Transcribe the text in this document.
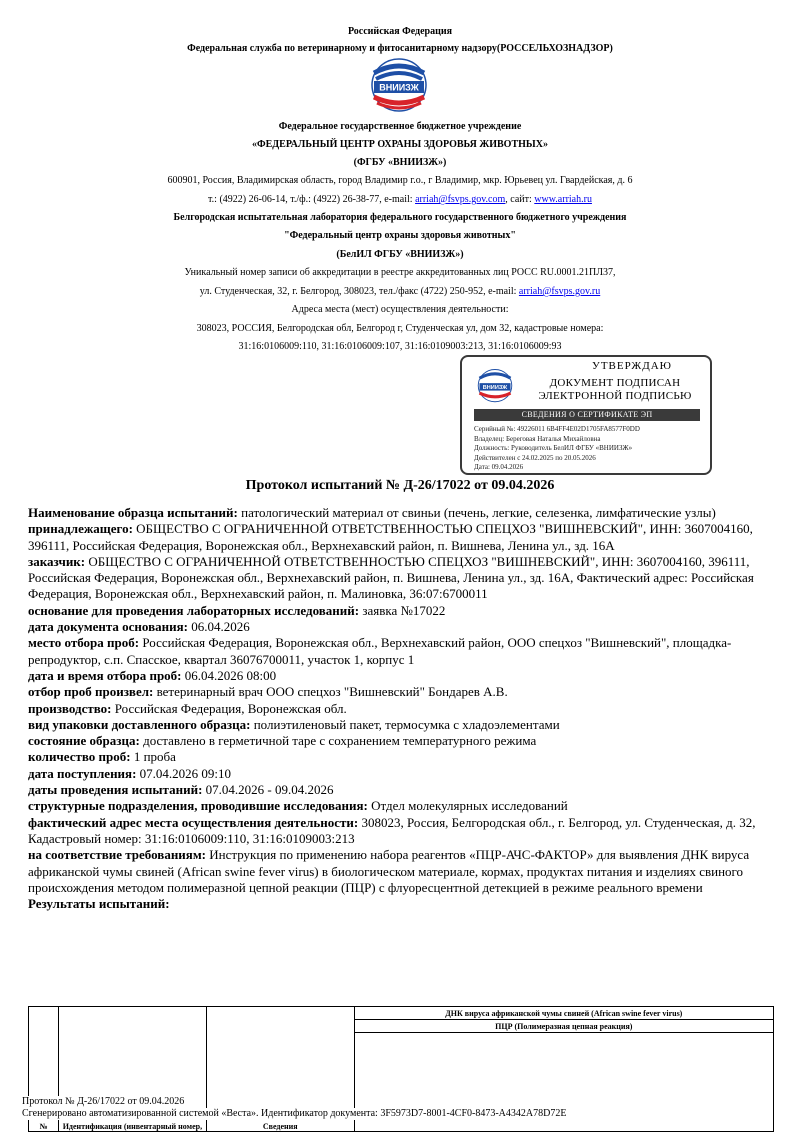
Российская Федерация
Федеральная служба по ветеринарному и фитосанитарному надзору(РОССЕЛЬХОЗНАДЗОР)
ВНИИЗЖ
Федеральное государственное бюджетное учреждение
«ФЕДЕРАЛЬНЫЙ ЦЕНТР ОХРАНЫ ЗДОРОВЬЯ ЖИВОТНЫХ»
(ФГБУ «ВНИИЗЖ»)
600901, Россия, Владимирская область, город Владимир г.о., г Владимир, мкр. Юрьевец ул. Гвардейская, д. 6
т.: (4922) 26-06-14, т./ф.: (4922) 26-38-77, e-mail: arriah@fsvps.gov.com, сайт: www.arriah.ru
Белгородская испытательная лаборатория федерального государственного бюджетного учреждения
"Федеральный центр охраны здоровья животных"
(БелИЛ ФГБУ «ВНИИЗЖ»)
Уникальный номер записи об аккредитации в реестре аккредитованных лиц РОСС RU.0001.21ПЛ37,
ул. Студенческая, 32, г. Белгород, 308023, тел./факс (4722) 250-952, e-mail: arriah@fsvps.gov.ru
Адреса места (мест) осуществления деятельности:
308023, РОССИЯ, Белгородская обл, Белгород г, Студенческая ул, дом 32, кадастровые номера:
31:16:0106009:110, 31:16:0106009:107, 31:16:0109003:213, 31:16:0106009:93
ВНИИЗЖ
УТВЕРЖДАЮ
ДОКУМЕНТ ПОДПИСАН
ЭЛЕКТРОННОЙ ПОДПИСЬЮ
СВЕДЕНИЯ О СЕРТИФИКАТЕ ЭП
Серийный №: 49226011 6B4FF4E02D1705FA8577F0DD
Владелец: Береговая Наталья Михайловна
Должность: Руководитель БелИЛ ФГБУ «ВНИИЗЖ»
Действителен с 24.02.2025 по 20.05.2026
Дата: 09.04.2026
Протокол испытаний № Д-26/17022 от 09.04.2026

Наименование образца испытаний: патологический материал от свиньи (печень, легкие, селезенка, лимфатические узлы)

принадлежащего: ОБЩЕСТВО С ОГРАНИЧЕННОЙ ОТВЕТСТВЕННОСТЬЮ СПЕЦХОЗ "ВИШНЕВСКИЙ", ИНН: 3607004160, 396111, Российская Федерация, Воронежская обл., Верхнехавский район, п. Вишнева, Ленина ул., зд. 16А

заказчик: ОБЩЕСТВО С ОГРАНИЧЕННОЙ ОТВЕТСТВЕННОСТЬЮ СПЕЦХОЗ "ВИШНЕВСКИЙ", ИНН: 3607004160, 396111, Российская Федерация, Воронежская обл., Верхнехавский район, п. Вишнева, Ленина ул., зд. 16А, Фактический адрес: Российская Федерация, Воронежская обл., Верхнехавский район, п. Малиновка, 36:07:6700011

основание для проведения лабораторных исследований: заявка №17022

дата документа основания: 06.04.2026

место отбора проб: Российская Федерация, Воронежская обл., Верхнехавский район, ООО спецхоз "Вишневский", площадка-репродуктор, с.п. Спасское, квартал 36076700011, участок 1, корпус 1

дата и время отбора проб: 06.04.2026 08:00

отбор проб произвел: ветеринарный врач ООО спецхоз "Вишневский" Бондарев А.В.

производство: Российская Федерация, Воронежская обл.

вид упаковки доставленного образца: полиэтиленовый пакет, термосумка с хладоэлементами

состояние образца: доставлено в герметичной таре с сохранением температурного режима

количество проб: 1 проба

дата поступления: 07.04.2026 09:10

даты проведения испытаний: 07.04.2026 - 09.04.2026

структурные подразделения, проводившие исследования: Отдел молекулярных исследований

фактический адрес места осуществления деятельности: 308023, Россия, Белгородская обл., г. Белгород, ул. Студенческая, д. 32, Кадастровый номер: 31:16:0106009:110, 31:16:0109003:213

на соответствие требованиям: Инструкция по применению набора реагентов «ПЦР-АЧС-ФАКТОР» для выявления ДНК вируса африканской чумы свиней (African swine fever virus) в биологическом материале, кормах, продуктах питания и изделиях свиного происхождения методом полимеразной цепной реакции (ПЦР) с флуоресцентной детекцией в режиме реального времени

Результаты испытаний:

№	Идентификация (инвентарный номер,	Сведения	ДНК вируса африканской чумы свиней (African swine fever virus)
ПЦР (Полимеразная цепная реакция)

Протокол № Д-26/17022 от 09.04.2026
Сгенерировано автоматизированной системой «Веста». Идентификатор документа: 3F5973D7-8001-4CF0-8473-A4342A78D72E
